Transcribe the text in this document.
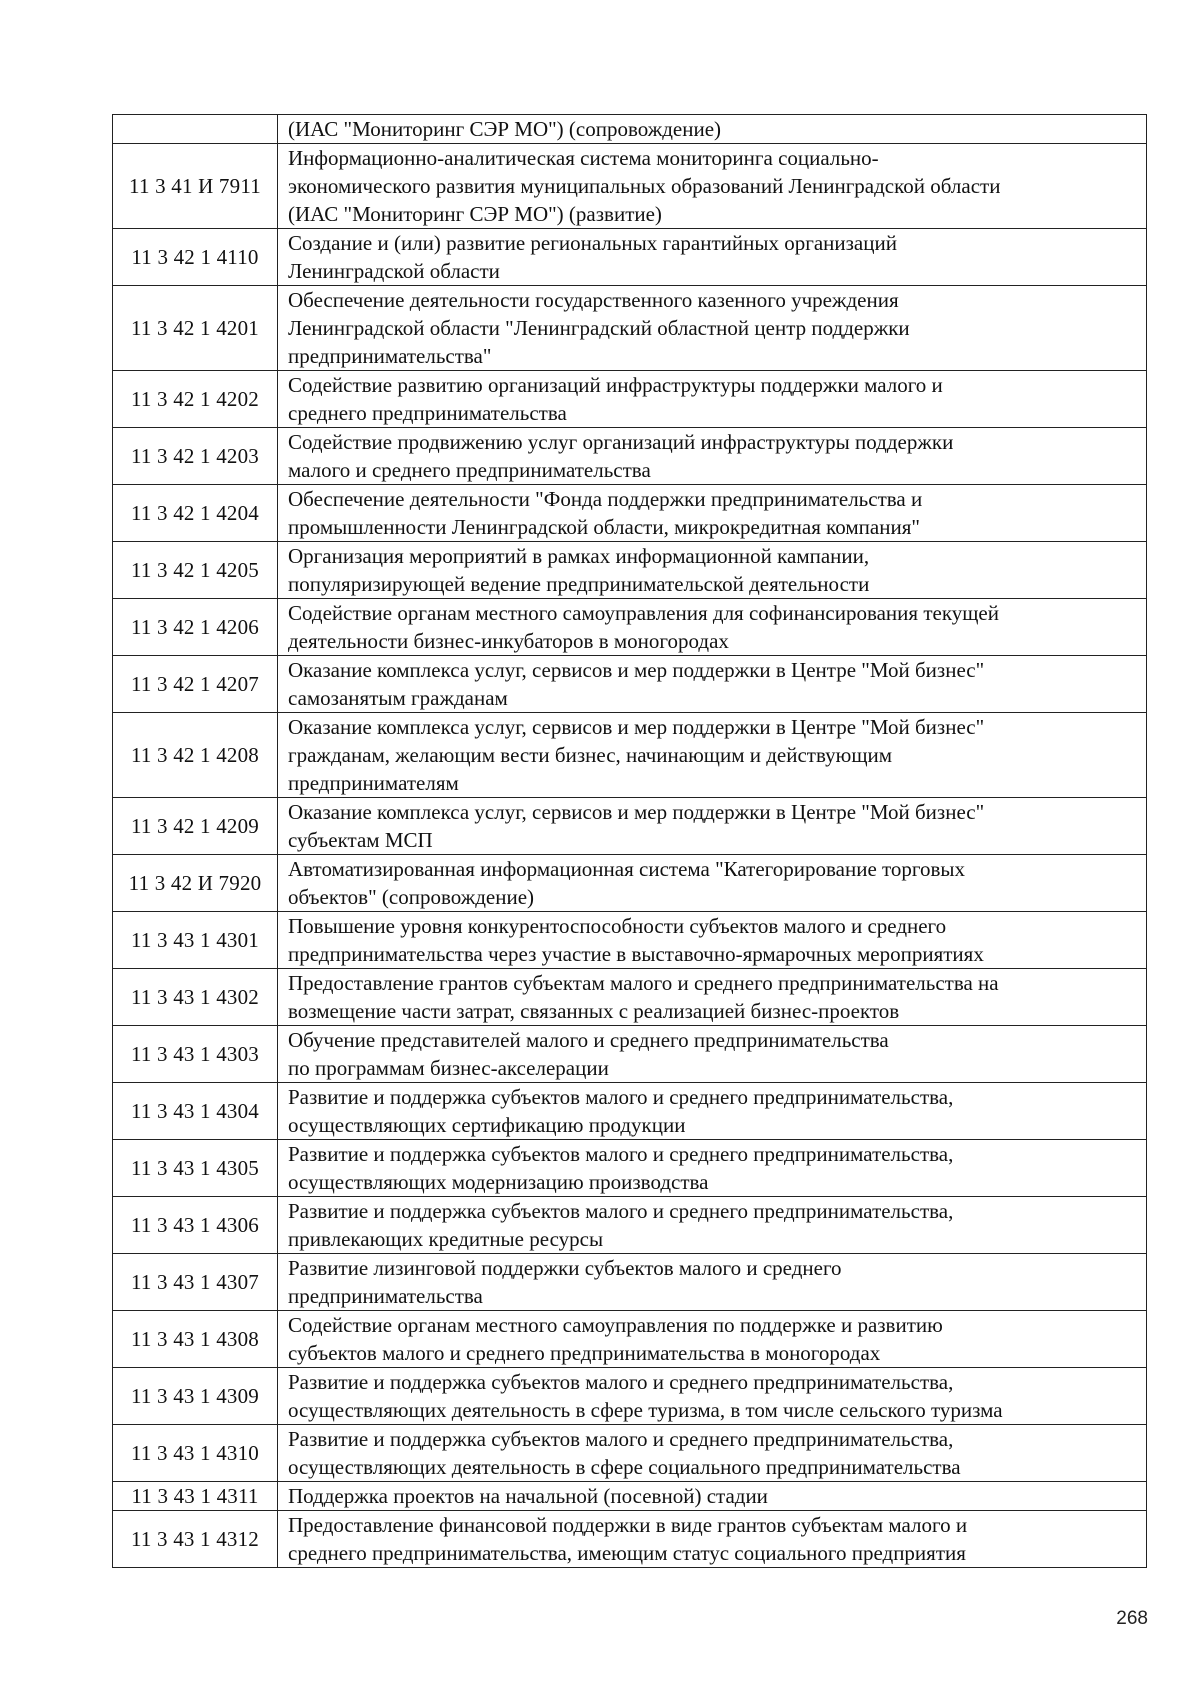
	(ИАС "Мониторинг СЭР МО") (сопровождение)

11 3 41 И 7911	Информационно-аналитическая система мониторинга социально-
экономического развития муниципальных образований Ленинградской области
(ИАС "Мониторинг СЭР МО") (развитие)

11 3 42 1 4110	Создание и (или) развитие региональных гарантийных организаций
Ленинградской области

11 3 42 1 4201	Обеспечение деятельности государственного казенного учреждения
Ленинградской области "Ленинградский областной центр поддержки
предпринимательства"

11 3 42 1 4202	Содействие развитию организаций инфраструктуры поддержки малого и
среднего предпринимательства

11 3 42 1 4203	Содействие продвижению услуг организаций инфраструктуры поддержки
малого и среднего предпринимательства

11 3 42 1 4204	Обеспечение деятельности "Фонда поддержки предпринимательства и
промышленности Ленинградской области, микрокредитная компания"

11 3 42 1 4205	Организация мероприятий в рамках информационной кампании,
популяризирующей ведение предпринимательской деятельности

11 3 42 1 4206	Содействие органам местного самоуправления для софинансирования текущей
деятельности бизнес-инкубаторов в моногородах

11 3 42 1 4207	Оказание комплекса услуг, сервисов и мер поддержки в Центре "Мой бизнес"
самозанятым гражданам

11 3 42 1 4208	Оказание комплекса услуг, сервисов и мер поддержки в Центре "Мой бизнес"
гражданам, желающим вести бизнес, начинающим и действующим
предпринимателям

11 3 42 1 4209	Оказание комплекса услуг, сервисов и мер поддержки в Центре "Мой бизнес"
субъектам МСП

11 3 42 И 7920	Автоматизированная информационная система "Категорирование торговых
объектов" (сопровождение)

11 3 43 1 4301	Повышение уровня конкурентоспособности субъектов малого и среднего
предпринимательства через участие в выставочно-ярмарочных мероприятиях

11 3 43 1 4302	Предоставление грантов субъектам малого и среднего предпринимательства на
возмещение части затрат, связанных с реализацией бизнес-проектов

11 3 43 1 4303	Обучение представителей малого и среднего предпринимательства
по программам бизнес-акселерации

11 3 43 1 4304	Развитие и поддержка субъектов малого и среднего предпринимательства,
осуществляющих сертификацию продукции

11 3 43 1 4305	Развитие и поддержка субъектов малого и среднего предпринимательства,
осуществляющих модернизацию производства

11 3 43 1 4306	Развитие и поддержка субъектов малого и среднего предпринимательства,
привлекающих кредитные ресурсы

11 3 43 1 4307	Развитие лизинговой поддержки субъектов малого и среднего
предпринимательства

11 3 43 1 4308	Содействие органам местного самоуправления по поддержке и развитию
субъектов малого и среднего предпринимательства в моногородах

11 3 43 1 4309	Развитие и поддержка субъектов малого и среднего предпринимательства,
осуществляющих деятельность в сфере туризма, в том числе сельского туризма

11 3 43 1 4310	Развитие и поддержка субъектов малого и среднего предпринимательства,
осуществляющих деятельность в сфере социального предпринимательства

11 3 43 1 4311	Поддержка проектов на начальной (посевной) стадии

11 3 43 1 4312	Предоставление финансовой поддержки в виде грантов субъектам малого и
среднего предпринимательства, имеющим статус социального предприятия
268
